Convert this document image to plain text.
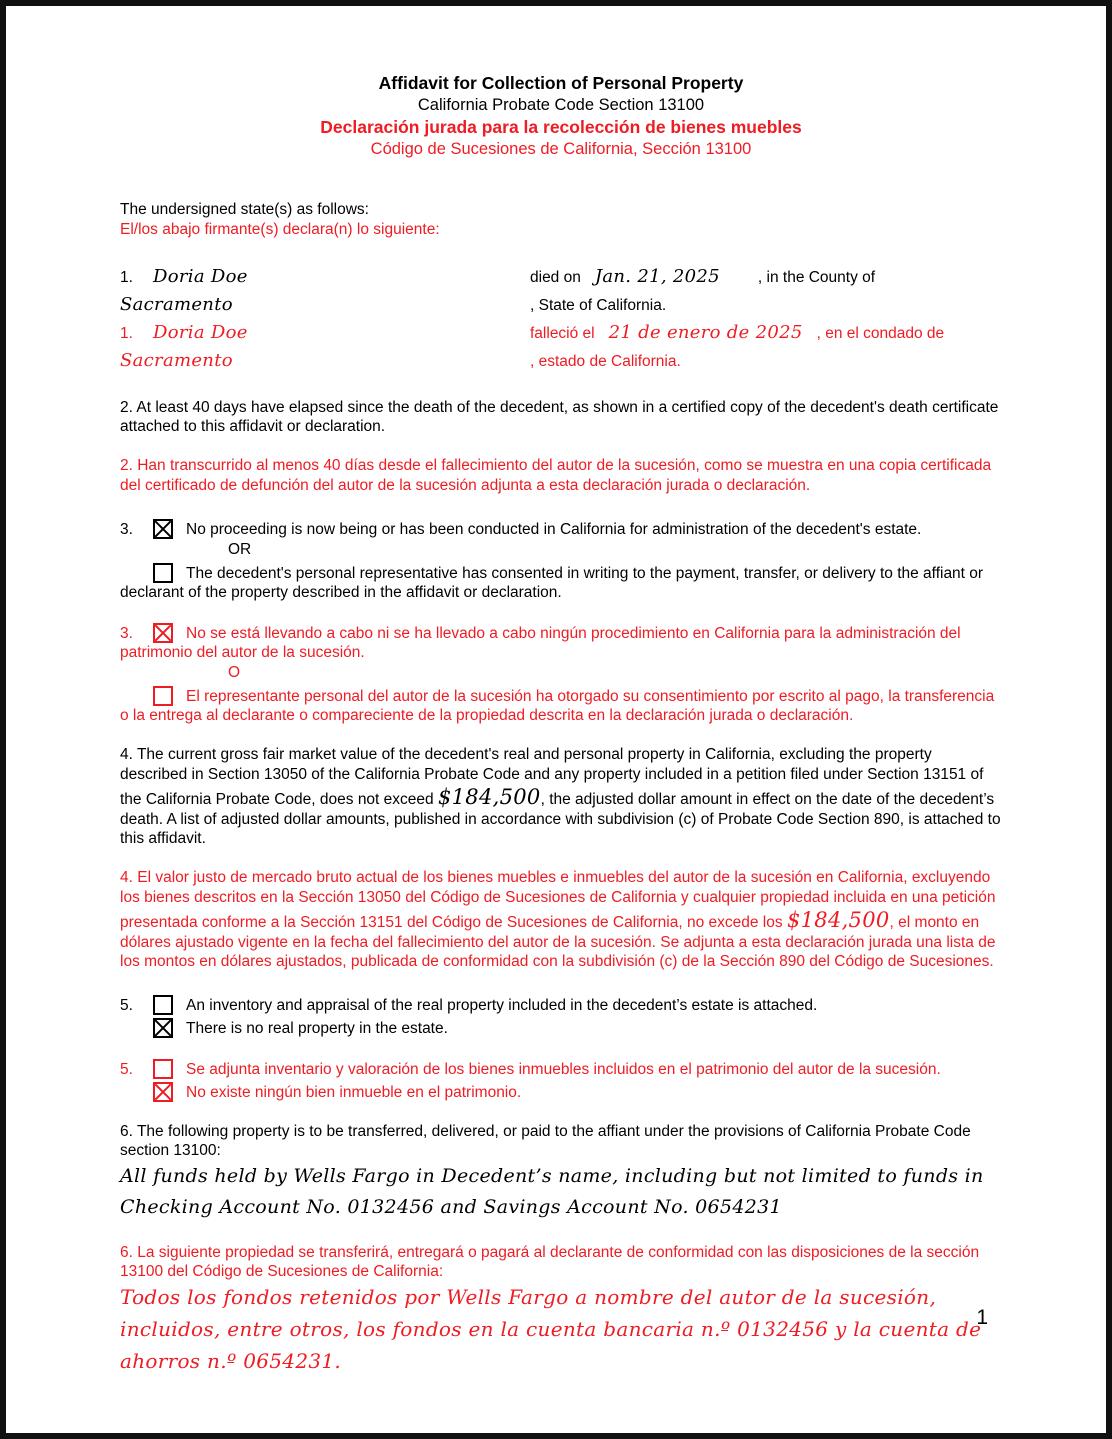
Affidavit for Collection of Personal Property
California Probate Code Section 13100
Declaración jurada para la recolección de bienes muebles
Código de Sucesiones de California, Sección 13100

The undersigned state(s) as follows:

El/los abajo firmante(s) declara(n) lo siguiente:

1. Doria Doe	died on Jan. 21, 2025 , in the County of
Sacramento	, State of California.
1. Doria Doe	falleció el 21 de enero de 2025 , en el condado de
Sacramento	, estado de California.

2. At least 40 days have elapsed since the death of the decedent, as shown in a certified copy of the decedent's death certificate attached to this affidavit or declaration.

2. Han transcurrido al menos 40 días desde el fallecimiento del autor de la sucesión, como se muestra en una copia certificada del certificado de defunción del autor de la sucesión adjunta a esta declaración jurada o declaración.

3.	No proceeding is now being or has been conducted in California for administration of the decedent's estate.

OR

The decedent's personal representative has consented in writing to the payment, transfer, or delivery to the affiant or declarant of the property described in the affidavit or declaration.

3.	No se está llevando a cabo ni se ha llevado a cabo ningún procedimiento en California para la administración del patrimonio del autor de la sucesión.

O

El representante personal del autor de la sucesión ha otorgado su consentimiento por escrito al pago, la transferencia o la entrega al declarante o compareciente de la propiedad descrita en la declaración jurada o declaración.

4. The current gross fair market value of the decedent's real and personal property in California, excluding the property described in Section 13050 of the California Probate Code and any property included in a petition filed under Section 13151 of the California Probate Code, does not exceed $184,500, the adjusted dollar amount in effect on the date of the decedent’s death. A list of adjusted dollar amounts, published in accordance with subdivision (c) of Probate Code Section 890, is attached to this affidavit.

4. El valor justo de mercado bruto actual de los bienes muebles e inmuebles del autor de la sucesión en California, excluyendo los bienes descritos en la Sección 13050 del Código de Sucesiones de California y cualquier propiedad incluida en una petición presentada conforme a la Sección 13151 del Código de Sucesiones de California, no excede los $184,500, el monto en dólares ajustado vigente en la fecha del fallecimiento del autor de la sucesión. Se adjunta a esta declaración jurada una lista de los montos en dólares ajustados, publicada de conformidad con la subdivisión (c) de la Sección 890 del Código de Sucesiones.

5.	An inventory and appraisal of the real property included in the decedent’s estate is attached.

There is no real property in the estate.

5.	Se adjunta inventario y valoración de los bienes inmuebles incluidos en el patrimonio del autor de la sucesión.

No existe ningún bien inmueble en el patrimonio.

6. The following property is to be transferred, delivered, or paid to the affiant under the provisions of California Probate Code section 13100:

All funds held by Wells Fargo in Decedent’s name, including but not limited to funds in Checking Account No. 0132456 and Savings Account No. 0654231

6. La siguiente propiedad se transferirá, entregará o pagará al declarante de conformidad con las disposiciones de la sección 13100 del Código de Sucesiones de California:

Todos los fondos retenidos por Wells Fargo a nombre del autor de la sucesión, incluidos, entre otros, los fondos en la cuenta bancaria n.º 0132456 y la cuenta de ahorros n.º 0654231.

1
